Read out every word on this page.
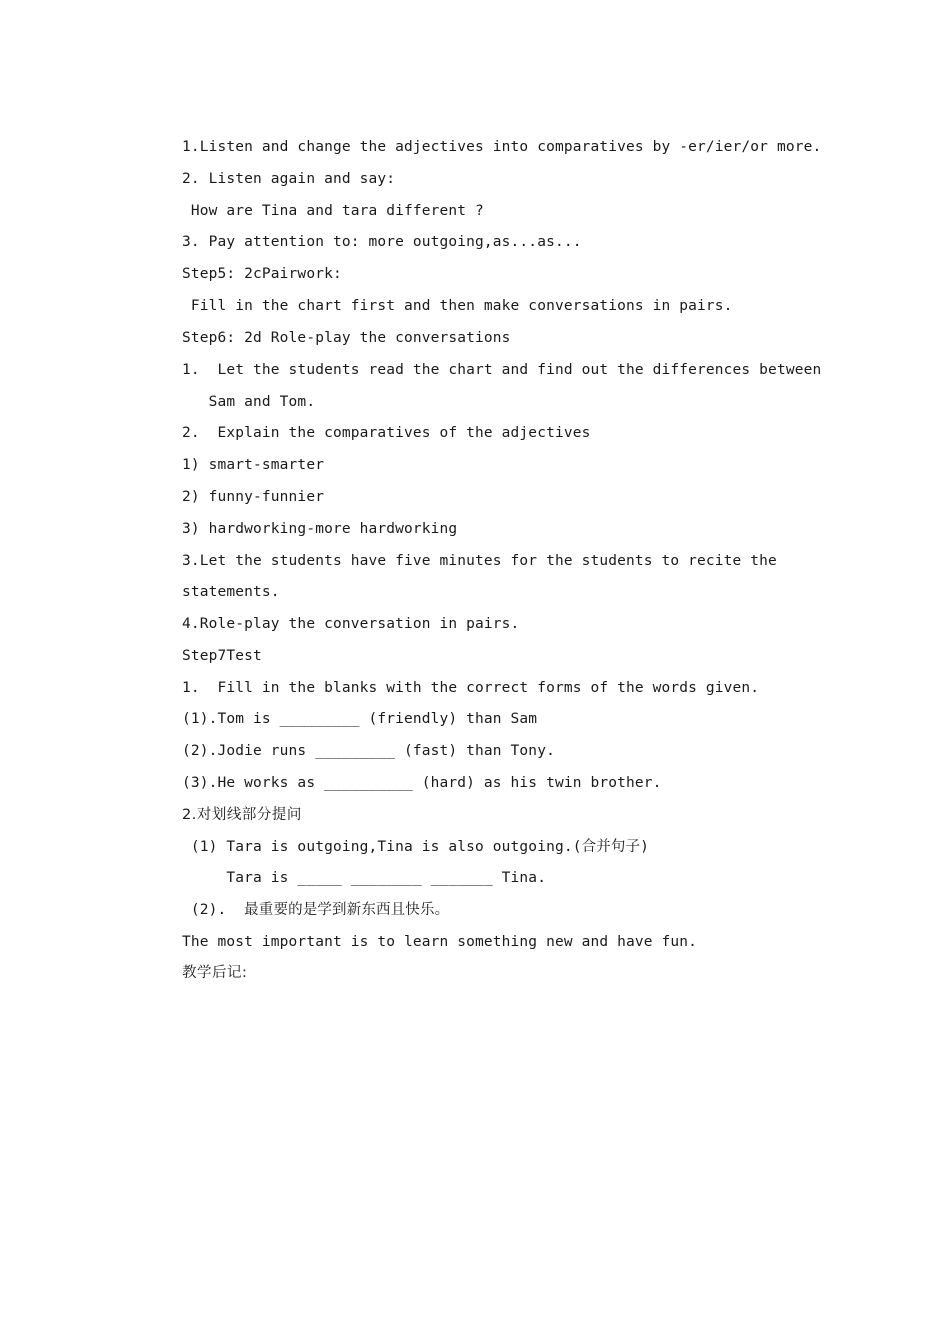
1.Listen and change the adjectives into comparatives by -er/ier/or more.
2. Listen again and say:
How are Tina and tara different ?
3. Pay attention to: more outgoing,as...as...
Step5: 2cPairwork:
Fill in the chart first and then make conversations in pairs.
Step6: 2d Role-play the conversations
1.  Let the students read the chart and find out the differences between
Sam and Tom.
2.  Explain the comparatives of the adjectives
1) smart-smarter
2) funny-funnier
3) hardworking-more hardworking
3.Let the students have five minutes for the students to recite the
statements.
4.Role-play the conversation in pairs.
Step7Test
1.  Fill in the blanks with the correct forms of the words given.
(1).Tom is _________ (friendly) than Sam
(2).Jodie runs _________ (fast) than Tony.
(3).He works as __________ (hard) as his twin brother.
2.对划线部分提问
(1) Tara is outgoing,Tina is also outgoing.(合并句子)
Tara is _____ ________ _______ Tina.
(2).  最重要的是学到新东西且快乐。
The most important is to learn something new and have fun.
教学后记:
